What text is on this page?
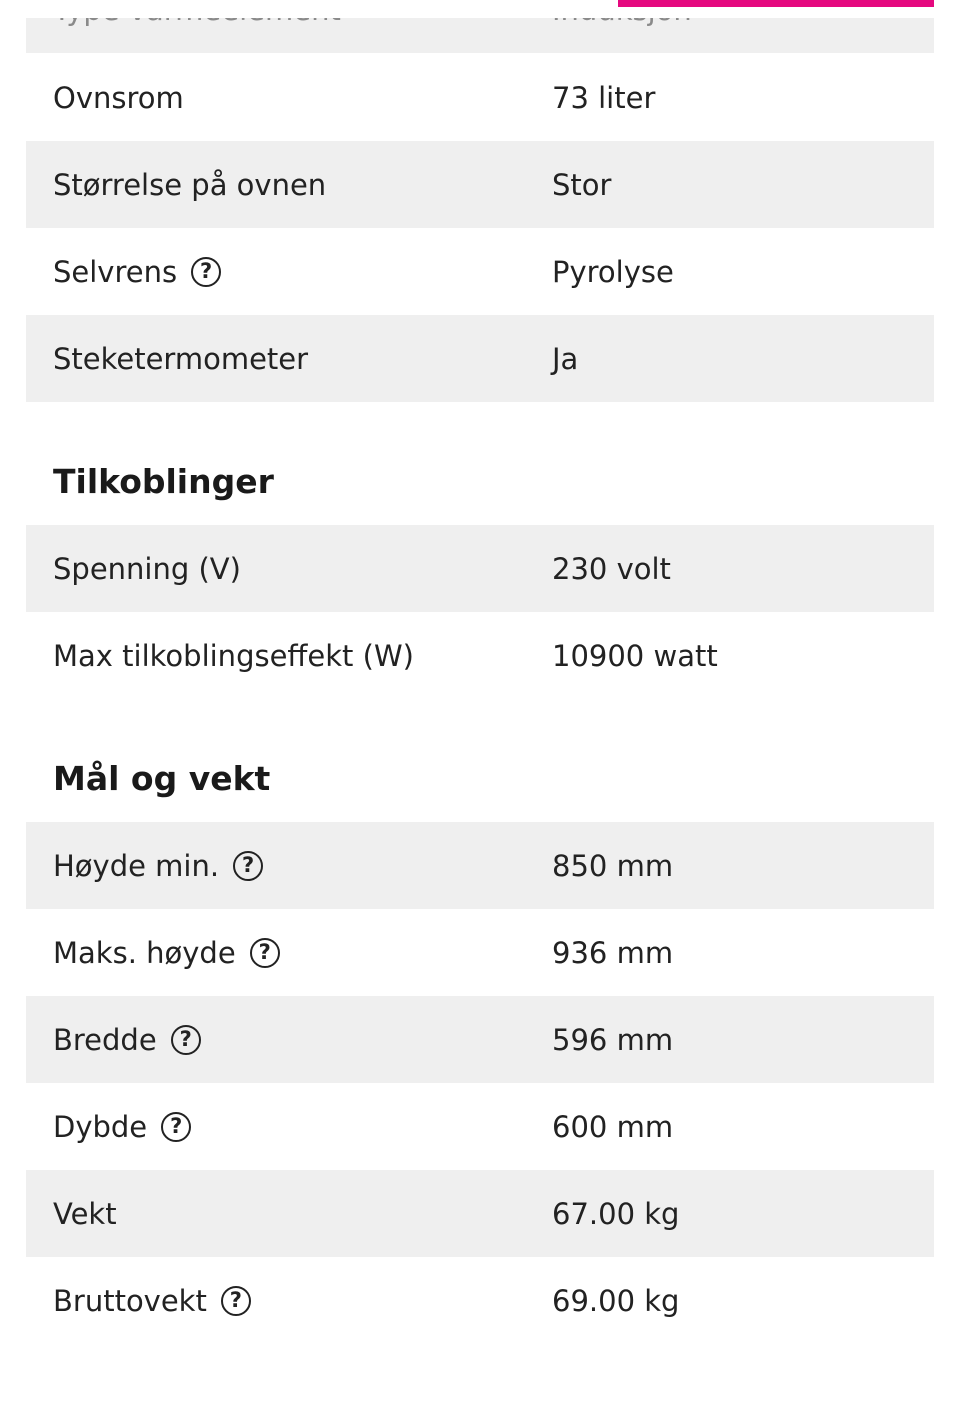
Ovnsrom	73 liter
Størrelse på ovnen	Stor
Selvrens	?	Pyrolyse
Steketermometer	Ja
Tilkoblinger
Spenning (V)	230 volt
Max tilkoblingseffekt (W)	10900 watt
Mål og vekt
Høyde min.	?	850 mm
Maks. høyde	?	936 mm
Bredde	?	596 mm
Dybde	?	600 mm
Vekt	67.00 kg
Bruttovekt	?	69.00 kg
